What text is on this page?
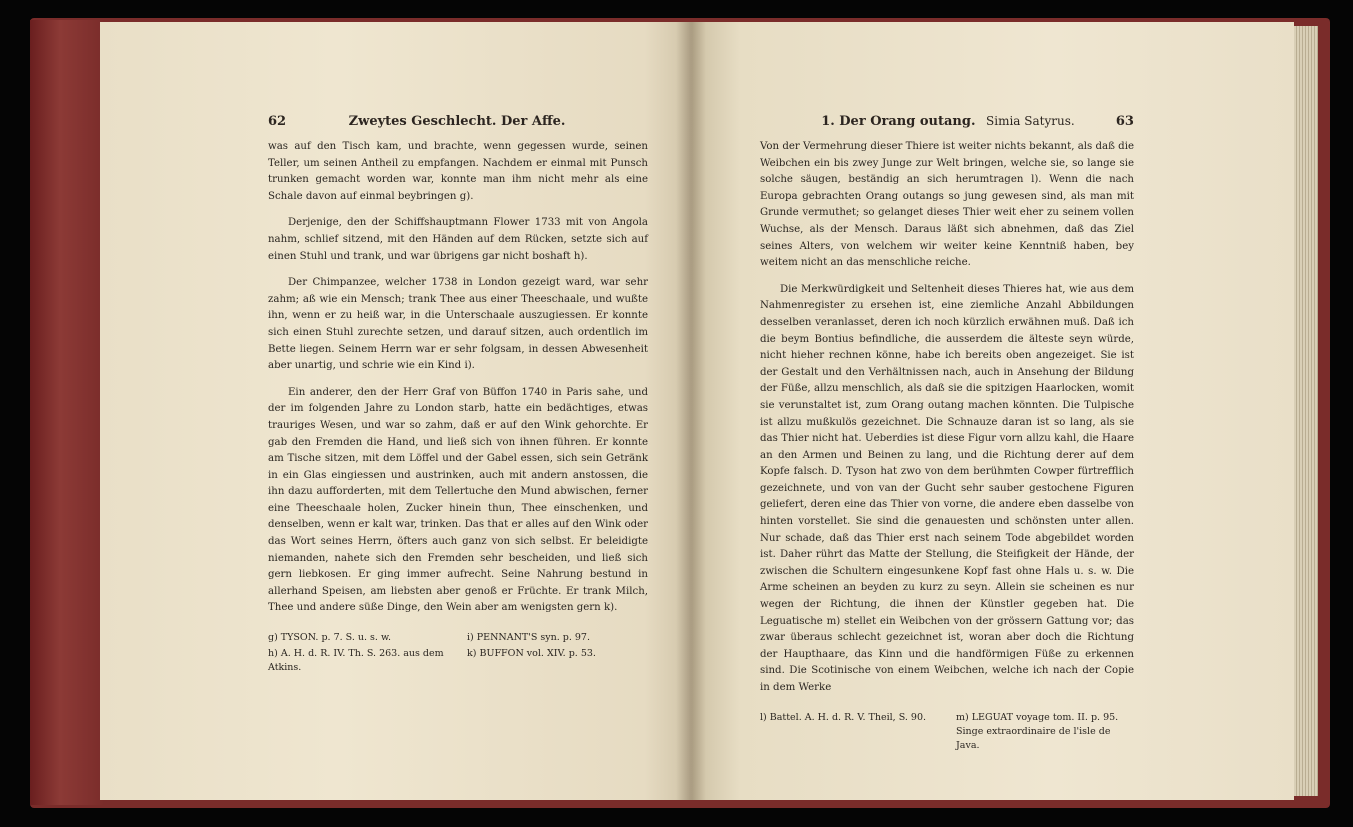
62	Zweytes Geschlecht. Der Affe.

was auf den Tisch kam, und brachte, wenn gegessen wurde, seinen Teller, um seinen Antheil zu empfangen. Nachdem er einmal mit Punsch trunken gemacht worden war, konnte man ihm nicht mehr als eine Schale davon auf einmal beybringen g).

Derjenige, den der Schiffshauptmann Flower 1733 mit von Angola nahm, schlief sitzend, mit den Händen auf dem Rücken, setzte sich auf einen Stuhl und trank, und war übrigens gar nicht boshaft h).

Der Chimpanzee, welcher 1738 in London gezeigt ward, war sehr zahm; aß wie ein Mensch; trank Thee aus einer Theeschaale, und wußte ihn, wenn er zu heiß war, in die Unterschaale auszugiessen. Er konnte sich einen Stuhl zurechte setzen, und darauf sitzen, auch ordentlich im Bette liegen. Seinem Herrn war er sehr folgsam, in dessen Abwesenheit aber unartig, und schrie wie ein Kind i).

Ein anderer, den der Herr Graf von Büffon 1740 in Paris sahe, und der im folgenden Jahre zu London starb, hatte ein bedächtiges, etwas trauriges Wesen, und war so zahm, daß er auf den Wink gehorchte. Er gab den Fremden die Hand, und ließ sich von ihnen führen. Er konnte am Tische sitzen, mit dem Löffel und der Gabel essen, sich sein Getränk in ein Glas eingiessen und austrinken, auch mit andern anstossen, die ihn dazu aufforderten, mit dem Tellertuche den Mund abwischen, ferner eine Theeschaale holen, Zucker hinein thun, Thee einschenken, und denselben, wenn er kalt war, trinken. Das that er alles auf den Wink oder das Wort seines Herrn, öfters auch ganz von sich selbst. Er beleidigte niemanden, nahete sich den Fremden sehr bescheiden, und ließ sich gern liebkosen. Er ging immer aufrecht. Seine Nahrung bestund in allerhand Speisen, am liebsten aber genoß er Früchte. Er trank Milch, Thee und andere süße Dinge, den Wein aber am wenigsten gern k).

g) TYSON. p. 7. S. u. s. w.
h) A. H. d. R. IV. Th. S. 263. aus dem Atkins.
i) PENNANT'S syn. p. 97.
k) BUFFON vol. XIV. p. 53.
1. Der Orang outang. Simia Satyrus.	63

Von der Vermehrung dieser Thiere ist weiter nichts bekannt, als daß die Weibchen ein bis zwey Junge zur Welt bringen, welche sie, so lange sie solche säugen, beständig an sich herumtragen l). Wenn die nach Europa gebrachten Orang outangs so jung gewesen sind, als man mit Grunde vermuthet; so gelanget dieses Thier weit eher zu seinem vollen Wuchse, als der Mensch. Daraus läßt sich abnehmen, daß das Ziel seines Alters, von welchem wir weiter keine Kenntniß haben, bey weitem nicht an das menschliche reiche.

Die Merkwürdigkeit und Seltenheit dieses Thieres hat, wie aus dem Nahmenregister zu ersehen ist, eine ziemliche Anzahl Abbildungen desselben veranlasset, deren ich noch kürzlich erwähnen muß. Daß ich die beym Bontius befindliche, die ausserdem die älteste seyn würde, nicht hieher rechnen könne, habe ich bereits oben angezeiget. Sie ist der Gestalt und den Verhältnissen nach, auch in Ansehung der Bildung der Füße, allzu menschlich, als daß sie die spitzigen Haarlocken, womit sie verunstaltet ist, zum Orang outang machen könnten. Die Tulpische ist allzu mußkulös gezeichnet. Die Schnauze daran ist so lang, als sie das Thier nicht hat. Ueberdies ist diese Figur vorn allzu kahl, die Haare an den Armen und Beinen zu lang, und die Richtung derer auf dem Kopfe falsch. D. Tyson hat zwo von dem berühmten Cowper fürtrefflich gezeichnete, und von van der Gucht sehr sauber gestochene Figuren geliefert, deren eine das Thier von vorne, die andere eben dasselbe von hinten vorstellet. Sie sind die genauesten und schönsten unter allen. Nur schade, daß das Thier erst nach seinem Tode abgebildet worden ist. Daher rührt das Matte der Stellung, die Steifigkeit der Hände, der zwischen die Schultern eingesunkene Kopf fast ohne Hals u. s. w. Die Arme scheinen an beyden zu kurz zu seyn. Allein sie scheinen es nur wegen der Richtung, die ihnen der Künstler gegeben hat. Die Leguatische m) stellet ein Weibchen von der grössern Gattung vor; das zwar überaus schlecht gezeichnet ist, woran aber doch die Richtung der Haupthaare, das Kinn und die handförmigen Füße zu erkennen sind. Die Scotinische von einem Weibchen, welche ich nach der Copie in dem Werke

l) Battel. A. H. d. R. V. Theil, S. 90.	m) LEGUAT voyage tom. II. p. 95. Singe extraordinaire de l'isle de Java.
